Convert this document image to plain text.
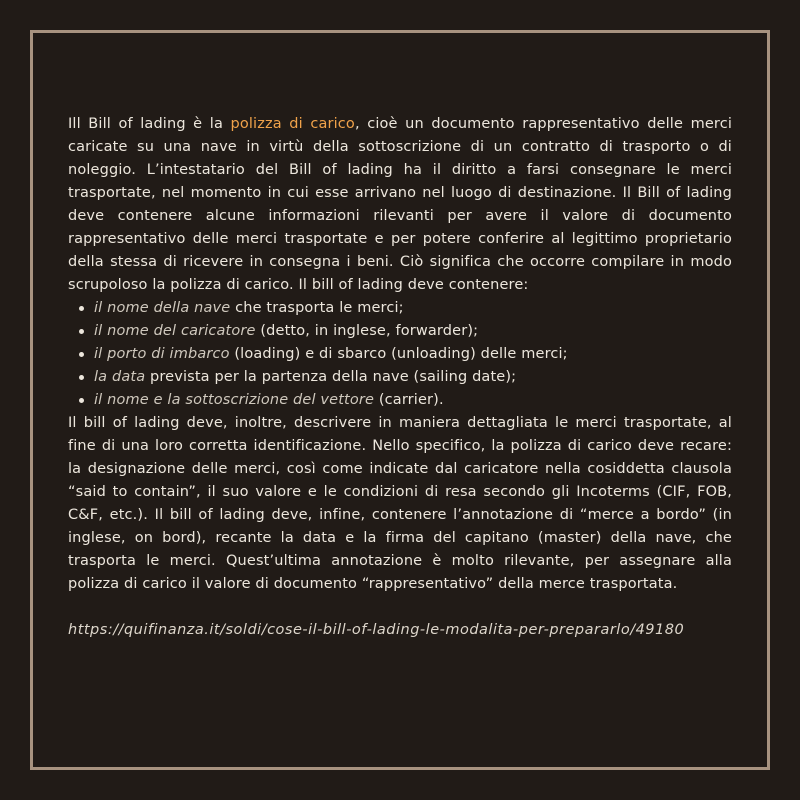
Ill Bill of lading è la polizza di carico, cioè un documento rappresentativo delle merci caricate su una nave in virtù della sottoscrizione di un contratto di trasporto o di noleggio. L’intestatario del Bill of lading ha il diritto a farsi consegnare le merci trasportate, nel momento in cui esse arrivano nel luogo di destinazione. Il Bill of lading deve contenere alcune informazioni rilevanti per avere il valore di documento rappresentativo delle merci trasportate e per potere conferire al legittimo proprietario della stessa di ricevere in consegna i beni. Ciò significa che occorre compilare in modo scrupoloso la polizza di carico. Il bill of lading deve contenere:

il nome della nave che trasporta le merci;
il nome del caricatore (detto, in inglese, forwarder);
il porto di imbarco (loading) e di sbarco (unloading) delle merci;
la data prevista per la partenza della nave (sailing date);
il nome e la sottoscrizione del vettore (carrier).

Il bill of lading deve, inoltre, descrivere in maniera dettagliata le merci trasportate, al fine di una loro corretta identificazione. Nello specifico, la polizza di carico deve recare: la designazione delle merci, così come indicate dal caricatore nella cosiddetta clausola “said to contain”, il suo valore e le condizioni di resa secondo gli Incoterms (CIF, FOB, C&F, etc.). Il bill of lading deve, infine, contenere l’annotazione di “merce a bordo” (in inglese, on bord), recante la data e la firma del capitano (master) della nave, che trasporta le merci. Quest’ultima annotazione è molto rilevante, per assegnare alla polizza di carico il valore di documento “rappresentativo” della merce trasportata.

https://quifinanza.it/soldi/cose-il-bill-of-lading-le-modalita-per-prepararlo/49180
